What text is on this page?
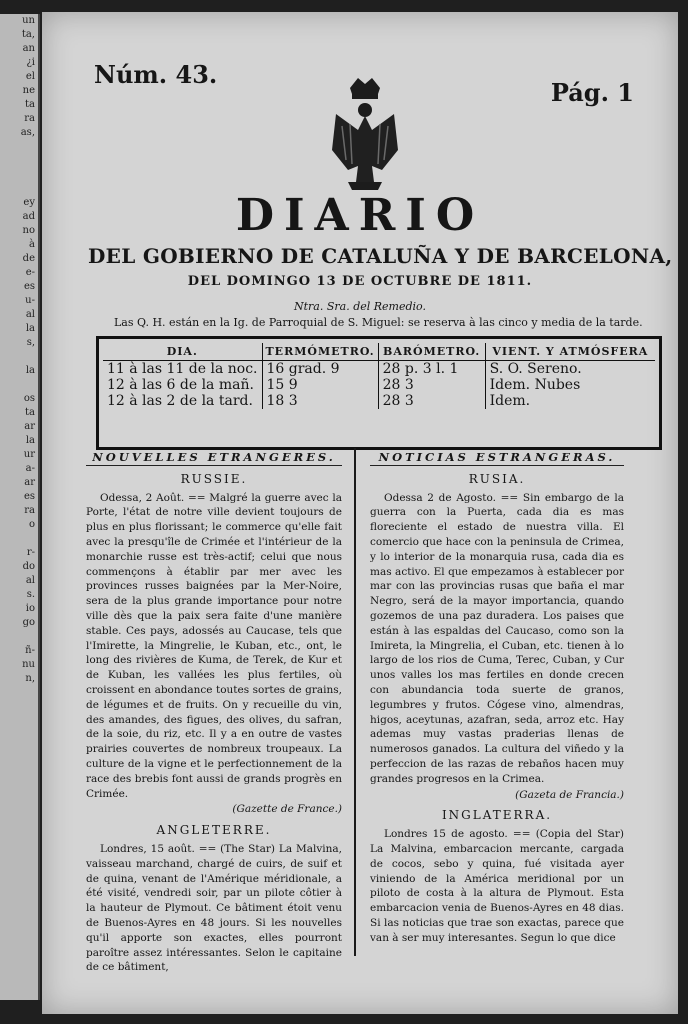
un
ta,
an
¿i
el
ne
ta
ra
as,

ey
ad
no
à
de
e-
es
u-
al
la
s,

la

os
ta
ar
la
ur
a-
ar
es
ra
o

r-
do
al
s.
io
go

ñ-
nu
n,

Núm. 43.
Pág. 1
DIARIO
DEL GOBIERNO DE CATALUÑA Y DE BARCELONA,
DEL DOMINGO 13 DE OCTUBRE DE 1811.
Ntra. Sra. del Remedio.
Las Q. H. están en la Ig. de Parroquial de S. Miguel: se reserva à las cinco y media de la tarde.
DIA.	TERMÓMETRO.	BARÓMETRO.	VIENT. Y ATMÓSFERA
11 à las 11 de la noc.	16 grad. 9	28 p. 3 l. 1	S. O. Sereno.
12 à las 6 de la mañ.	15 9	28 3	Idem. Nubes
12 à las 2 de la tard.	18 3	28 3	Idem.
NOUVELLES ETRANGERES.
RUSSIE.

Odessa, 2 Août. == Malgré la guerre avec la Porte, l'état de notre ville devient toujours de plus en plus florissant; le commerce qu'elle fait avec la presqu'île de Crimée et l'intérieur de la monarchie russe est très-actif; celui que nous commençons à établir par mer avec les provinces russes baignées par la Mer-Noire, sera de la plus grande importance pour notre ville dès que la paix sera faite d'une manière stable. Ces pays, adossés au Caucase, tels que l'Imirette, la Mingrelie, le Kuban, etc., ont, le long des rivières de Kuma, de Terek, de Kur et de Kuban, les vallées les plus fertiles, où croissent en abondance toutes sortes de grains, de légumes et de fruits. On y recueille du vin, des amandes, des figues, des olives, du safran, de la soie, du riz, etc. Il y a en outre de vastes prairies couvertes de nombreux troupeaux. La culture de la vigne et le perfectionnement de la race des brebis font aussi de grands progrès en Crimée.

(Gazette de France.)
ANGLETERRE.

Londres, 15 août. == (The Star) La Malvina, vaisseau marchand, chargé de cuirs, de suif et de quina, venant de l'Amérique méridionale, a été visité, vendredi soir, par un pilote côtier à la hauteur de Plymout. Ce bâtiment étoit venu de Buenos-Ayres en 48 jours. Si les nouvelles qu'il apporte son exactes, elles pourront paroître assez intéressantes. Selon le capitaine de ce bâtiment,

NOTICIAS ESTRANGERAS.
RUSIA.

Odessa 2 de Agosto. == Sin embargo de la guerra con la Puerta, cada dia es mas floreciente el estado de nuestra villa. El comercio que hace con la peninsula de Crimea, y lo interior de la monarquia rusa, cada dia es mas activo. El que empezamos à establecer por mar con las provincias rusas que baña el mar Negro, será de la mayor importancia, quando gozemos de una paz duradera. Los paises que están à las espaldas del Caucaso, como son la Imireta, la Mingrelia, el Cuban, etc. tienen à lo largo de los rios de Cuma, Terec, Cuban, y Cur unos valles los mas fertiles en donde crecen con abundancia toda suerte de granos, legumbres y frutos. Cógese vino, almendras, higos, aceytunas, azafran, seda, arroz etc. Hay ademas muy vastas praderias llenas de numerosos ganados. La cultura del viñedo y la perfeccion de las razas de rebaños hacen muy grandes progresos en la Crimea.

(Gazeta de Francia.)
INGLATERRA.

Londres 15 de agosto. == (Copia del Star) La Malvina, embarcacion mercante, cargada de cocos, sebo y quina, fué visitada ayer viniendo de la América meridional por un piloto de costa à la altura de Plymout. Esta embarcacion venia de Buenos-Ayres en 48 dias. Si las noticias que trae son exactas, parece que van à ser muy interesantes. Segun lo que dice
